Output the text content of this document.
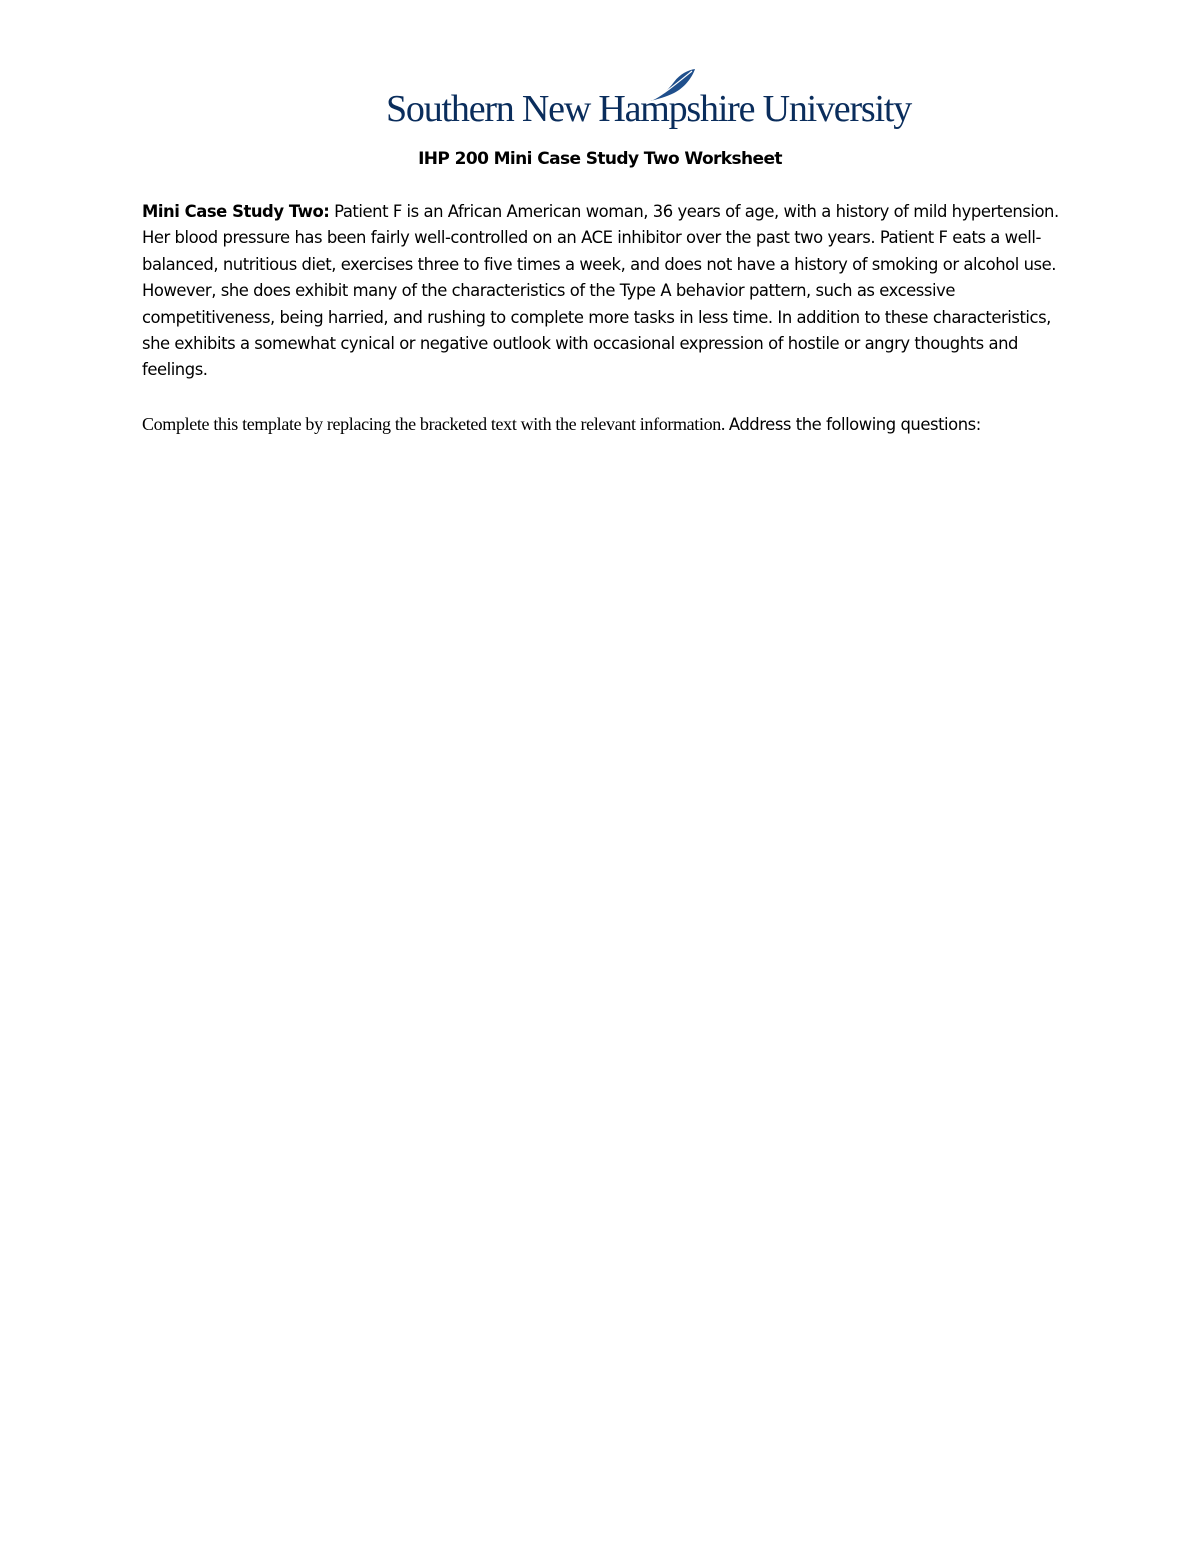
Southern New Hampshire University
IHP 200 Mini Case Study Two Worksheet

Mini Case Study Two: Patient F is an African American woman, 36 years of age, with a history of mild hypertension. Her blood pressure has been fairly well-controlled on an ACE inhibitor over the past two years. Patient F eats a well-balanced, nutritious diet, exercises three to five times a week, and does not have a history of smoking or alcohol use. However, she does exhibit many of the characteristics of the Type A behavior pattern, such as excessive competitiveness, being harried, and rushing to complete more tasks in less time. In addition to these characteristics, she exhibits a somewhat cynical or negative outlook with occasional expression of hostile or angry thoughts and feelings.

Complete this template by replacing the bracketed text with the relevant information. Address the following questions:
